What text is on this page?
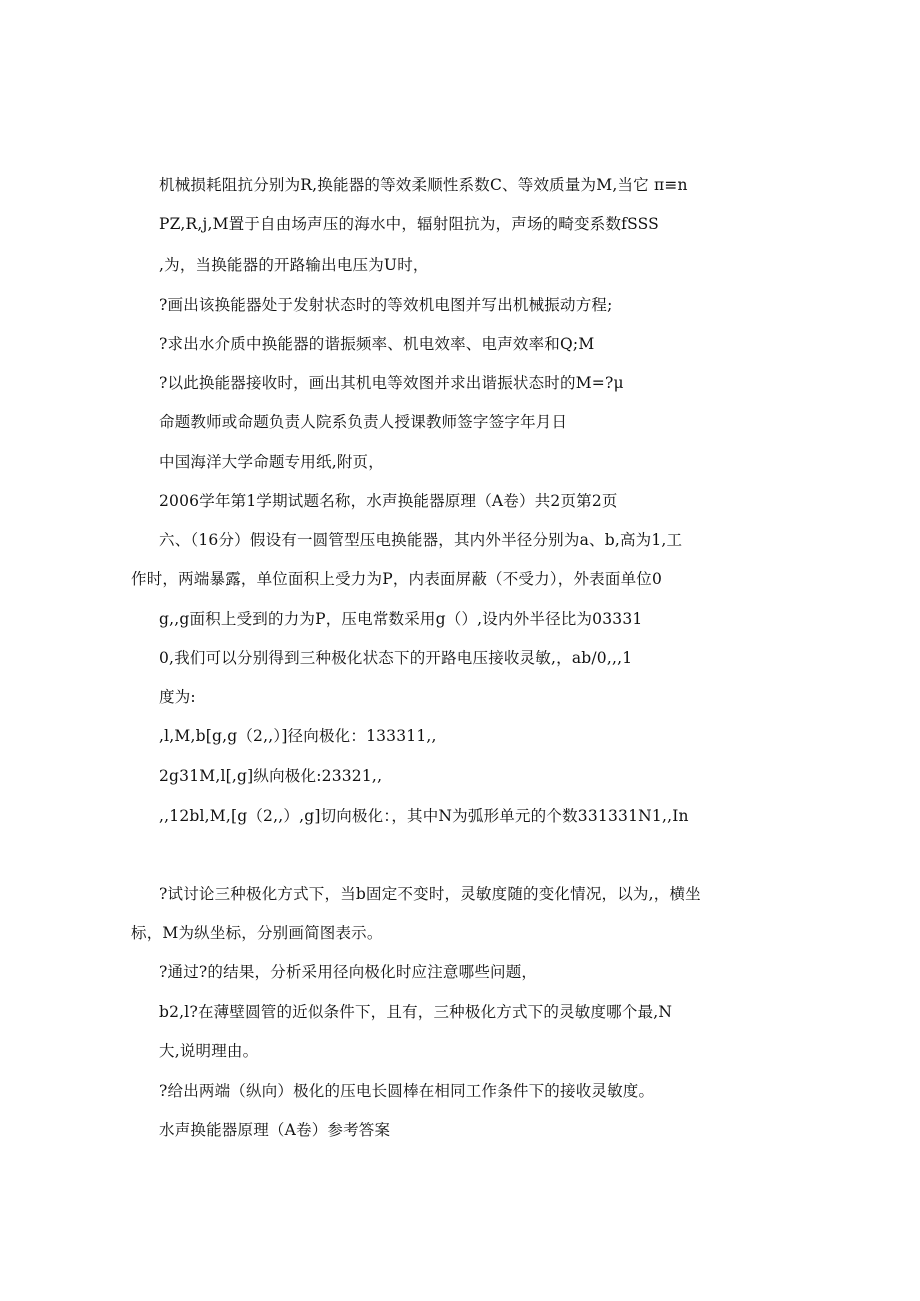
机械损耗阻抗分别为R,换能器的等效柔顺性系数C、等效质量为M,当它 π≡n
PZ,R,j,M置于自由场声压的海水中，辐射阻抗为，声场的畸变系数fSSS
,为，当换能器的开路输出电压为U时，
?画出该换能器处于发射状态时的等效机电图并写出机械振动方程;
?求出水介质中换能器的谐振频率、机电效率、电声效率和Q;M
?以此换能器接收时，画出其机电等效图并求出谐振状态时的M=?μ
命题教师或命题负责人院系负责人授课教师签字签字年月日
中国海洋大学命题专用纸,附页，
2006学年第1学期试题名称，水声换能器原理（A卷）共2页第2页
六、（16分）假设有一圆管型压电换能器，其内外半径分别为a、b,高为1,工
作时，两端暴露，单位面积上受力为P，内表面屏蔽（不受力），外表面单位0
g,,g面积上受到的力为P，压电常数采用g（）,设内外半径比为03331
0,我们可以分别得到三种极化状态下的开路电压接收灵敏,，ab/0,,,1
度为:
,l,M,b[g,g（2,,）]径向极化：133311,,
2g31M,l[,g]纵向极化:23321,,
,,12bl,M,[g（2,,）,g]切向极化：，其中N为弧形单元的个数331331N1,,In
?试讨论三种极化方式下，当b固定不变时，灵敏度随的变化情况，以为,，横坐
标，M为纵坐标，分别画简图表示。
?通过?的结果，分析采用径向极化时应注意哪些问题，
b2,l?在薄壁圆管的近似条件下，且有，三种极化方式下的灵敏度哪个最,N
大,说明理由。
?给出两端（纵向）极化的压电长圆棒在相同工作条件下的接收灵敏度。
水声换能器原理（A卷）参考答案
